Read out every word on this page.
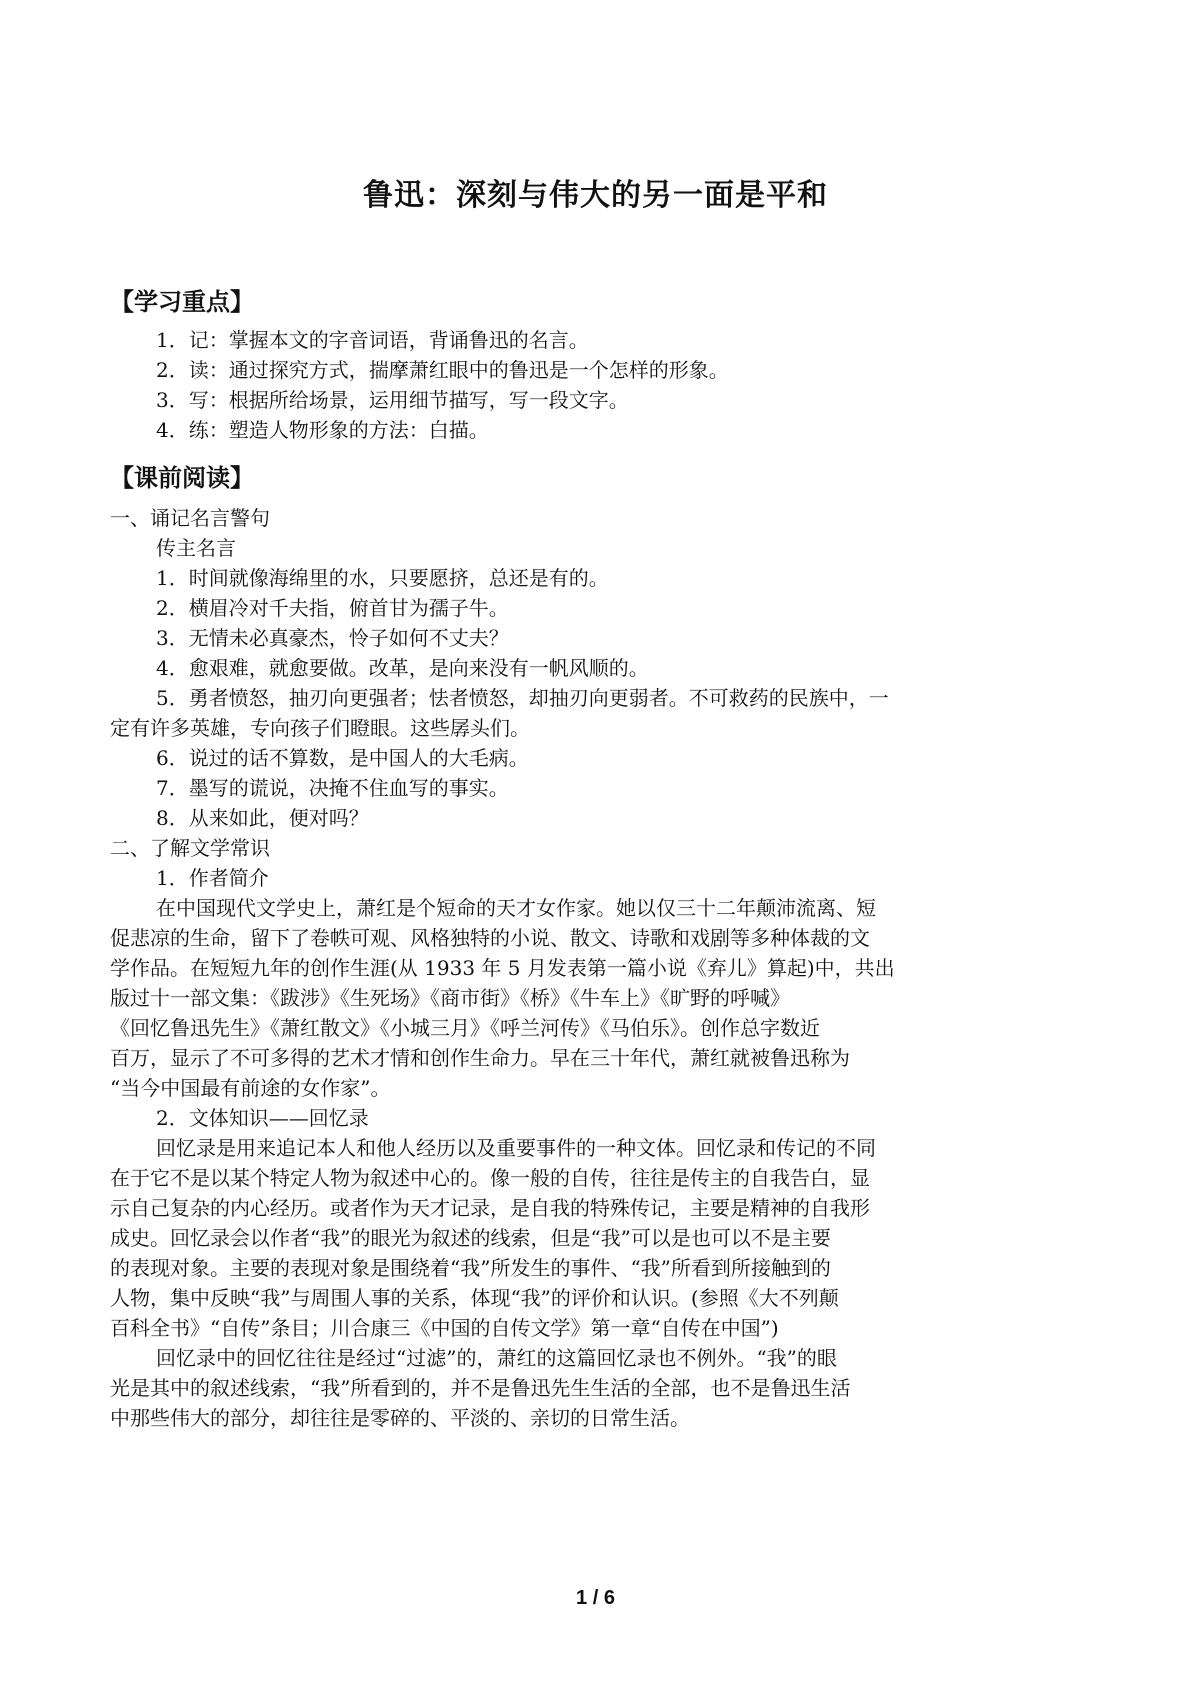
鲁迅：深刻与伟大的另一面是平和
【学习重点】
1．记：掌握本文的字音词语，背诵鲁迅的名言。
2．读：通过探究方式，揣摩萧红眼中的鲁迅是一个怎样的形象。
3．写：根据所给场景，运用细节描写，写一段文字。
4．练：塑造人物形象的方法：白描。
【课前阅读】
一、诵记名言警句
传主名言
1．时间就像海绵里的水，只要愿挤，总还是有的。
2．横眉冷对千夫指，俯首甘为孺子牛。
3．无情未必真豪杰，怜子如何不丈夫？
4．愈艰难，就愈要做。改革，是向来没有一帆风顺的。
5．勇者愤怒，抽刃向更强者；怯者愤怒，却抽刃向更弱者。不可救药的民族中，一
定有许多英雄，专向孩子们瞪眼。这些孱头们。
6．说过的话不算数，是中国人的大毛病。
7．墨写的谎说，决掩不住血写的事实。
8．从来如此，便对吗？
二、了解文学常识
1．作者简介
在中国现代文学史上，萧红是个短命的天才女作家。她以仅三十二年颠沛流离、短
促悲凉的生命，留下了卷帙可观、风格独特的小说、散文、诗歌和戏剧等多种体裁的文
学作品。在短短九年的创作生涯(从 1933 年 5 月发表第一篇小说《弃儿》算起)中，共出
版过十一部文集：《跋涉》《生死场》《商市街》《桥》《牛车上》《旷野的呼喊》
《回忆鲁迅先生》《萧红散文》《小城三月》《呼兰河传》《马伯乐》。创作总字数近
百万，显示了不可多得的艺术才情和创作生命力。早在三十年代，萧红就被鲁迅称为
“当今中国最有前途的女作家”。
2．文体知识——回忆录
回忆录是用来追记本人和他人经历以及重要事件的一种文体。回忆录和传记的不同
在于它不是以某个特定人物为叙述中心的。像一般的自传，往往是传主的自我告白，显
示自己复杂的内心经历。或者作为天才记录，是自我的特殊传记，主要是精神的自我形
成史。回忆录会以作者“我”的眼光为叙述的线索，但是“我”可以是也可以不是主要
的表现对象。主要的表现对象是围绕着“我”所发生的事件、“我”所看到所接触到的
人物，集中反映“我”与周围人事的关系，体现“我”的评价和认识。(参照《大不列颠
百科全书》“自传”条目；川合康三《中国的自传文学》第一章“自传在中国”)
回忆录中的回忆往往是经过“过滤”的，萧红的这篇回忆录也不例外。“我”的眼
光是其中的叙述线索，“我”所看到的，并不是鲁迅先生生活的全部，也不是鲁迅生活
中那些伟大的部分，却往往是零碎的、平淡的、亲切的日常生活。
1 / 6
